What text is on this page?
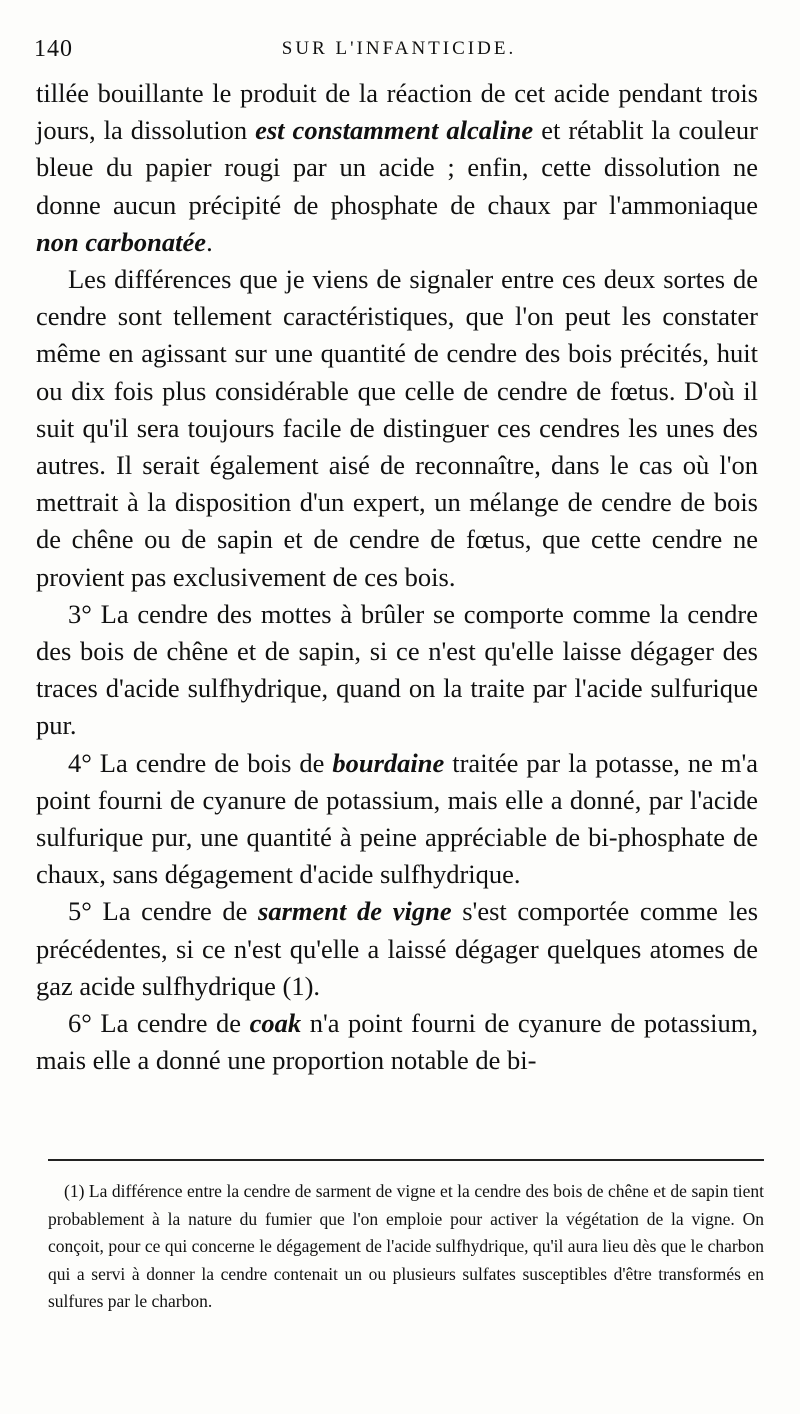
140	SUR L'INFANTICIDE.

tillée bouillante le produit de la réaction de cet acide pendant trois jours, la dissolution est constamment alcaline et rétablit la couleur bleue du papier rougi par un acide ; enfin, cette dissolution ne donne aucun précipité de phosphate de chaux par l'ammoniaque non carbonatée.

Les différences que je viens de signaler entre ces deux sortes de cendre sont tellement caractéristiques, que l'on peut les constater même en agissant sur une quantité de cendre des bois précités, huit ou dix fois plus considérable que celle de cendre de fœtus. D'où il suit qu'il sera toujours facile de distinguer ces cendres les unes des autres. Il serait également aisé de reconnaître, dans le cas où l'on mettrait à la disposition d'un expert, un mélange de cendre de bois de chêne ou de sapin et de cendre de fœtus, que cette cendre ne provient pas exclusivement de ces bois.

3° La cendre des mottes à brûler se comporte comme la cendre des bois de chêne et de sapin, si ce n'est qu'elle laisse dégager des traces d'acide sulfhydrique, quand on la traite par l'acide sulfurique pur.

4° La cendre de bois de bourdaine traitée par la potasse, ne m'a point fourni de cyanure de potassium, mais elle a donné, par l'acide sulfurique pur, une quantité à peine appréciable de bi-phosphate de chaux, sans dégagement d'acide sulfhydrique.

5° La cendre de sarment de vigne s'est comportée comme les précédentes, si ce n'est qu'elle a laissé dégager quelques atomes de gaz acide sulfhydrique (1).

6° La cendre de coak n'a point fourni de cyanure de potassium, mais elle a donné une proportion notable de bi-

(1) La différence entre la cendre de sarment de vigne et la cendre des bois de chêne et de sapin tient probablement à la nature du fumier que l'on emploie pour activer la végétation de la vigne. On conçoit, pour ce qui concerne le dégagement de l'acide sulfhydrique, qu'il aura lieu dès que le charbon qui a servi à donner la cendre contenait un ou plusieurs sulfates susceptibles d'être transformés en sulfures par le charbon.
